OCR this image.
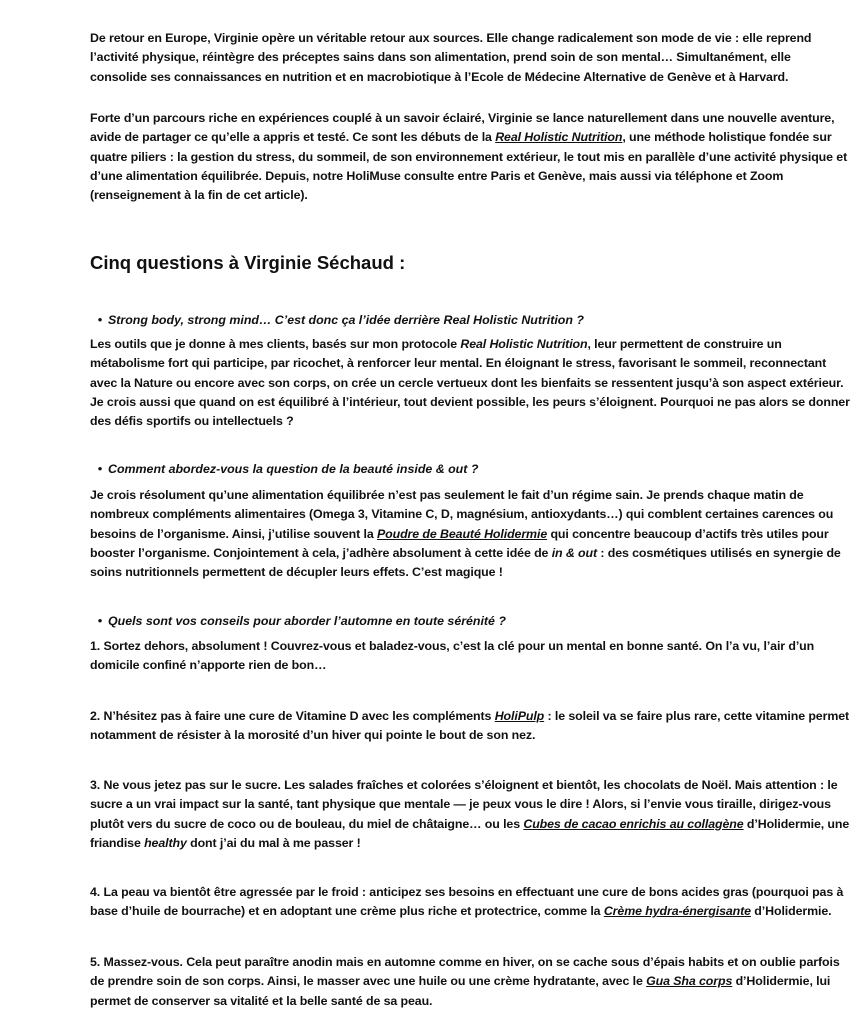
De retour en Europe, Virginie opère un véritable retour aux sources. Elle change radicalement son mode de vie : elle reprend l’activité physique, réintègre des préceptes sains dans son alimentation, prend soin de son mental… Simultanément, elle consolide ses connaissances en nutrition et en macrobiotique à l’Ecole de Médecine Alternative de Genève et à Harvard.

Forte d’un parcours riche en expériences couplé à un savoir éclairé, Virginie se lance naturellement dans une nouvelle aventure, avide de partager ce qu’elle a appris et testé. Ce sont les débuts de la Real Holistic Nutrition, une méthode holistique fondée sur quatre piliers : la gestion du stress, du sommeil, de son environnement extérieur, le tout mis en parallèle d’une activité physique et d’une alimentation équilibrée. Depuis, notre HoliMuse consulte entre Paris et Genève, mais aussi via téléphone et Zoom (renseignement à la fin de cet article).

Cinq questions à Virginie Séchaud :
• Strong body, strong mind… C’est donc ça l’idée derrière Real Holistic Nutrition ?

Les outils que je donne à mes clients, basés sur mon protocole Real Holistic Nutrition, leur permettent de construire un métabolisme fort qui participe, par ricochet, à renforcer leur mental. En éloignant le stress, favorisant le sommeil, reconnectant avec la Nature ou encore avec son corps, on crée un cercle vertueux dont les bienfaits se ressentent jusqu’à son aspect extérieur. Je crois aussi que quand on est équilibré à l’intérieur, tout devient possible, les peurs s’éloignent. Pourquoi ne pas alors se donner des défis sportifs ou intellectuels ?

• Comment abordez-vous la question de la beauté inside & out ?

Je crois résolument qu’une alimentation équilibrée n’est pas seulement le fait d’un régime sain. Je prends chaque matin de nombreux compléments alimentaires (Omega 3, Vitamine C, D, magnésium, antioxydants…) qui comblent certaines carences ou besoins de l’organisme. Ainsi, j’utilise souvent la Poudre de Beauté Holidermie qui concentre beaucoup d’actifs très utiles pour booster l’organisme. Conjointement à cela, j’adhère absolument à cette idée de in & out : des cosmétiques utilisés en synergie de soins nutritionnels permettent de décupler leurs effets. C’est magique !

• Quels sont vos conseils pour aborder l’automne en toute sérénité ?

1. Sortez dehors, absolument ! Couvrez-vous et baladez-vous, c’est la clé pour un mental en bonne santé. On l’a vu, l’air d’un domicile confiné n’apporte rien de bon…

2. N’hésitez pas à faire une cure de Vitamine D avec les compléments HoliPulp : le soleil va se faire plus rare, cette vitamine permet notamment de résister à la morosité d’un hiver qui pointe le bout de son nez.

3. Ne vous jetez pas sur le sucre. Les salades fraîches et colorées s’éloignent et bientôt, les chocolats de Noël. Mais attention : le sucre a un vrai impact sur la santé, tant physique que mentale — je peux vous le dire ! Alors, si l’envie vous tiraille, dirigez-vous plutôt vers du sucre de coco ou de bouleau, du miel de châtaigne… ou les Cubes de cacao enrichis au collagène d’Holidermie, une friandise healthy dont j’ai du mal à me passer !

4. La peau va bientôt être agressée par le froid : anticipez ses besoins en effectuant une cure de bons acides gras (pourquoi pas à base d’huile de bourrache) et en adoptant une crème plus riche et protectrice, comme la Crème hydra-énergisante d’Holidermie.

5. Massez-vous. Cela peut paraître anodin mais en automne comme en hiver, on se cache sous d’épais habits et on oublie parfois de prendre soin de son corps. Ainsi, le masser avec une huile ou une crème hydratante, avec le Gua Sha corps d’Holidermie, lui permet de conserver sa vitalité et la belle santé de sa peau.
